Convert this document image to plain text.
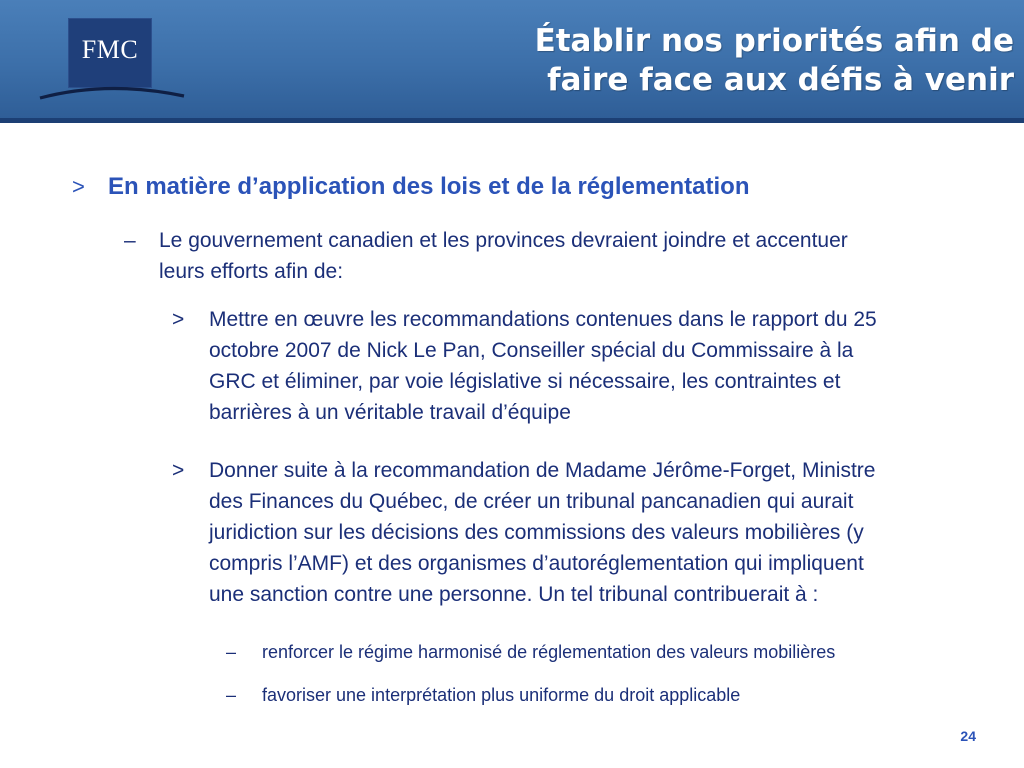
FMC	Établir nos priorités afin de
faire face aux défis à venir
> En matière d’application des lois et de la réglementation
– Le gouvernement canadien et les provinces devraient joindre et accentuer
leurs efforts afin de:
> Mettre en œuvre les recommandations contenues dans le rapport du 25
octobre 2007 de Nick Le Pan, Conseiller spécial du Commissaire à la
GRC et éliminer, par voie législative si nécessaire, les contraintes et
barrières à un véritable travail d’équipe
> Donner suite à la recommandation de Madame Jérôme-Forget, Ministre
des Finances du Québec, de créer un tribunal pancanadien qui aurait
juridiction sur les décisions des commissions des valeurs mobilières (y
compris l’AMF) et des organismes d’autoréglementation qui impliquent
une sanction contre une personne. Un tel tribunal contribuerait à :
– renforcer le régime harmonisé de réglementation des valeurs mobilières
– favoriser une interprétation plus uniforme du droit applicable
24
